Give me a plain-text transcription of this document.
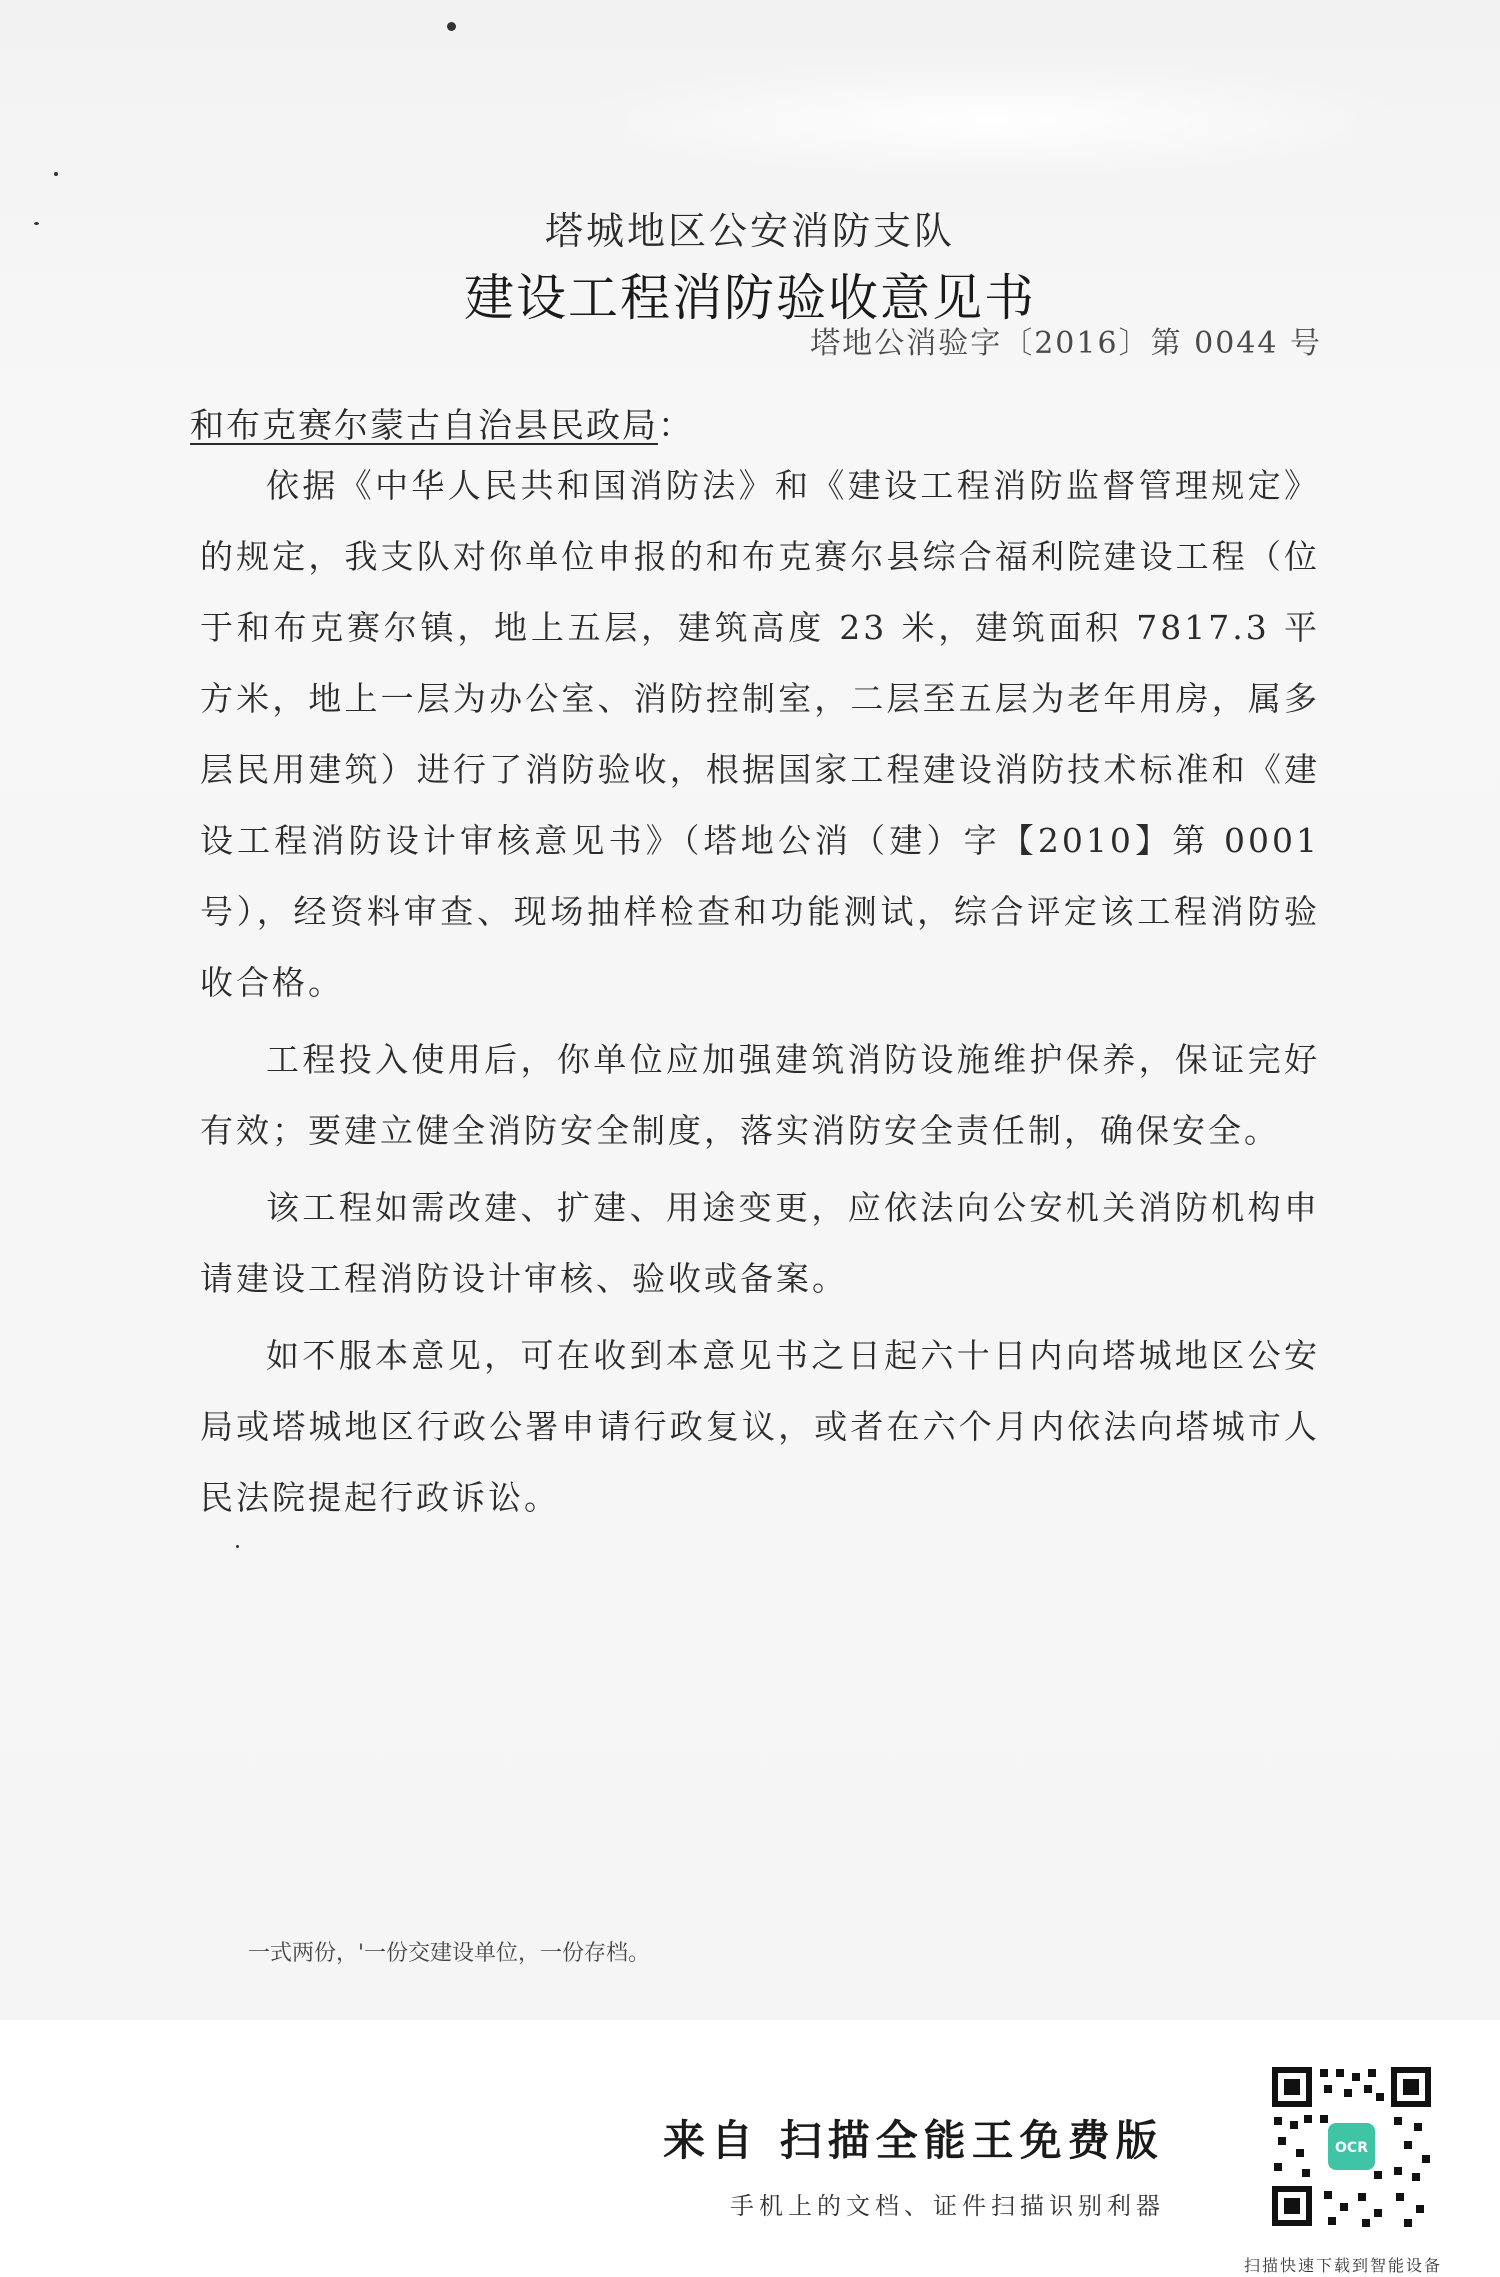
塔城地区公安消防支队
建设工程消防验收意见书
塔地公消验字〔2016〕第 0044 号
和布克赛尔蒙古自治县民政局：

依据《中华人民共和国消防法》和《建设工程消防监督管理规定》的规定，我支队对你单位申报的和布克赛尔县综合福利院建设工程（位于和布克赛尔镇，地上五层，建筑高度 23 米，建筑面积 7817.3 平方米，地上一层为办公室、消防控制室，二层至五层为老年用房，属多层民用建筑）进行了消防验收，根据国家工程建设消防技术标准和《建设工程消防设计审核意见书》（塔地公消（建）字【2010】第 0001 号），经资料审查、现场抽样检查和功能测试，综合评定该工程消防验收合格。

工程投入使用后，你单位应加强建筑消防设施维护保养，保证完好有效；要建立健全消防安全制度，落实消防安全责任制，确保安全。

该工程如需改建、扩建、用途变更，应依法向公安机关消防机构申请建设工程消防设计审核、验收或备案。

如不服本意见，可在收到本意见书之日起六十日内向塔城地区公安局或塔城地区行政公署申请行政复议，或者在六个月内依法向塔城市人民法院提起行政诉讼。

一式两份，'一份交建设单位，一份存档。
来自 扫描全能王免费版
手机上的文档、证件扫描识别利器
OCR
扫描快速下载到智能设备
